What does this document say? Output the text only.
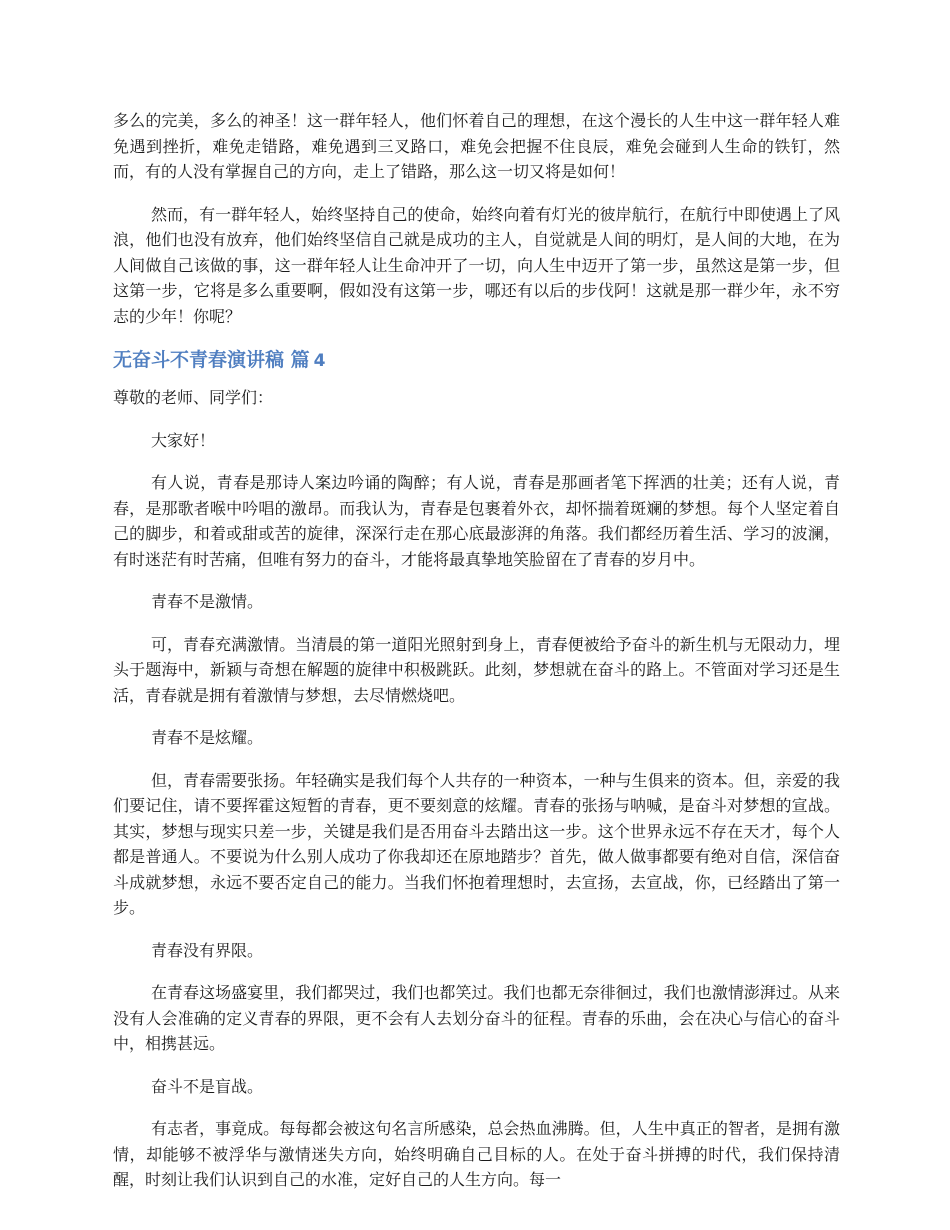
多么的完美，多么的神圣！这一群年轻人，他们怀着自己的理想，在这个漫长的人生中这一群年轻人难免遇到挫折，难免走错路，难免遇到三叉路口，难免会把握不住良辰，难免会碰到人生命的铁钉，然而，有的人没有掌握自己的方向，走上了错路，那么这一切又将是如何！

然而，有一群年轻人，始终坚持自己的使命，始终向着有灯光的彼岸航行，在航行中即使遇上了风浪，他们也没有放弃，他们始终坚信自己就是成功的主人，自觉就是人间的明灯，是人间的大地，在为人间做自己该做的事，这一群年轻人让生命冲开了一切，向人生中迈开了第一步，虽然这是第一步，但这第一步，它将是多么重要啊，假如没有这第一步，哪还有以后的步伐阿！这就是那一群少年，永不穷志的少年！你呢？

无奋斗不青春演讲稿 篇 4

尊敬的老师、同学们：

大家好！

有人说，青春是那诗人案边吟诵的陶醉；有人说，青春是那画者笔下挥洒的壮美；还有人说，青春，是那歌者喉中吟唱的激昂。而我认为，青春是包裹着外衣，却怀揣着斑斓的梦想。每个人坚定着自己的脚步，和着或甜或苦的旋律，深深行走在那心底最澎湃的角落。我们都经历着生活、学习的波澜，有时迷茫有时苦痛，但唯有努力的奋斗，才能将最真挚地笑脸留在了青春的岁月中。

青春不是激情。

可，青春充满激情。当清晨的第一道阳光照射到身上，青春便被给予奋斗的新生机与无限动力，埋头于题海中，新颖与奇想在解题的旋律中积极跳跃。此刻，梦想就在奋斗的路上。不管面对学习还是生活，青春就是拥有着激情与梦想，去尽情燃烧吧。

青春不是炫耀。

但，青春需要张扬。年轻确实是我们每个人共存的一种资本，一种与生俱来的资本。但，亲爱的我们要记住，请不要挥霍这短暂的青春，更不要刻意的炫耀。青春的张扬与呐喊，是奋斗对梦想的宣战。其实，梦想与现实只差一步，关键是我们是否用奋斗去踏出这一步。这个世界永远不存在天才，每个人都是普通人。不要说为什么别人成功了你我却还在原地踏步？首先，做人做事都要有绝对自信，深信奋斗成就梦想，永远不要否定自己的能力。当我们怀抱着理想时，去宣扬，去宣战，你，已经踏出了第一步。

青春没有界限。

在青春这场盛宴里，我们都哭过，我们也都笑过。我们也都无奈徘徊过，我们也激情澎湃过。从来没有人会准确的定义青春的界限，更不会有人去划分奋斗的征程。青春的乐曲，会在决心与信心的奋斗中，相携甚远。

奋斗不是盲战。

有志者，事竟成。每每都会被这句名言所感染，总会热血沸腾。但，人生中真正的智者，是拥有激情，却能够不被浮华与激情迷失方向，始终明确自己目标的人。在处于奋斗拼搏的时代，我们保持清醒，时刻让我们认识到自己的水准，定好自己的人生方向。每一
